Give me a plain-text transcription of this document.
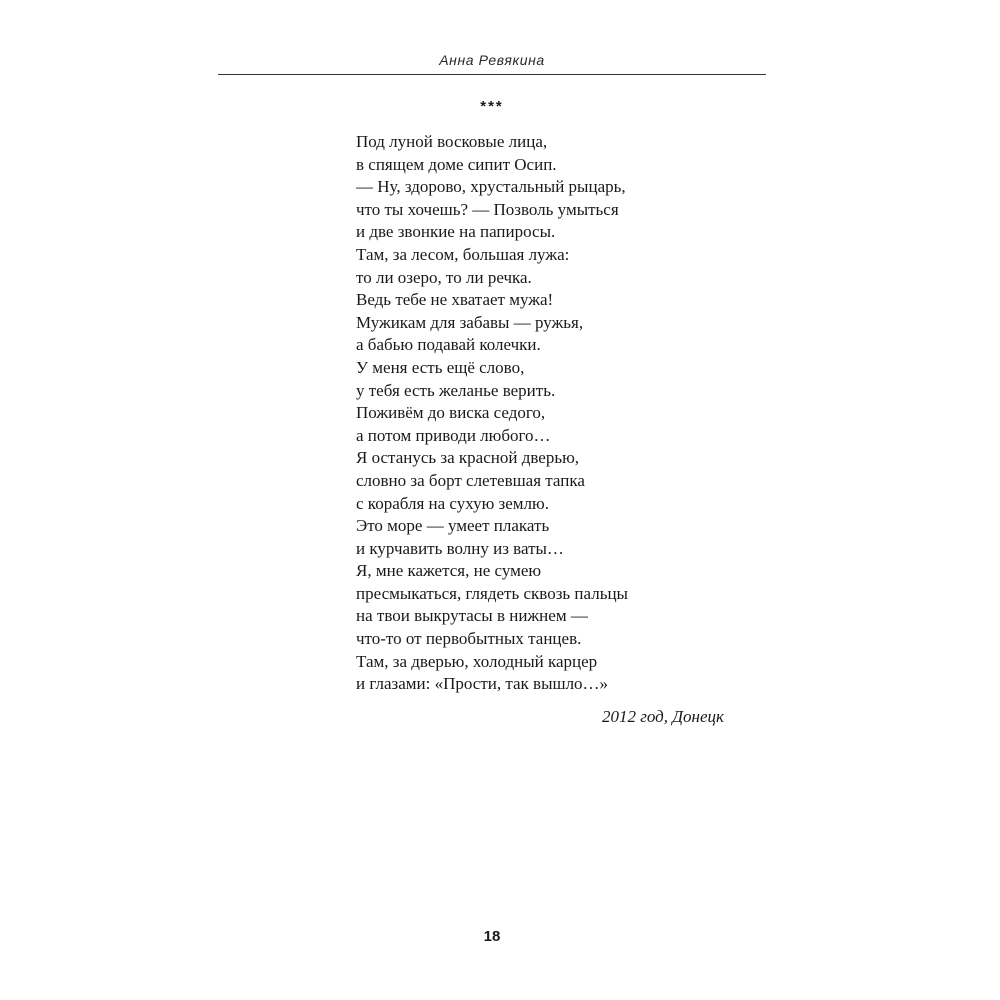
Анна Ревякина
***
Под луной восковые лица,
в спящем доме сипит Осип.
— Ну, здорово, хрустальный рыцарь,
что ты хочешь? — Позволь умыться
и две звонкие на папиросы.
Там, за лесом, большая лужа:
то ли озеро, то ли речка.
Ведь тебе не хватает мужа!
Мужикам для забавы — ружья,
а бабью подавай колечки.
У меня есть ещё слово,
у тебя есть желанье верить.
Поживём до виска седого,
а потом приводи любого…
Я останусь за красной дверью,
словно за борт слетевшая тапка
с корабля на сухую землю.
Это море — умеет плакать
и курчавить волну из ваты…
Я, мне кажется, не сумею
пресмыкаться, глядеть сквозь пальцы
на твои выкрутасы в нижнем —
что-то от первобытных танцев.
Там, за дверью, холодный карцер
и глазами: «Прости, так вышло…»
2012 год, Донецк
18
